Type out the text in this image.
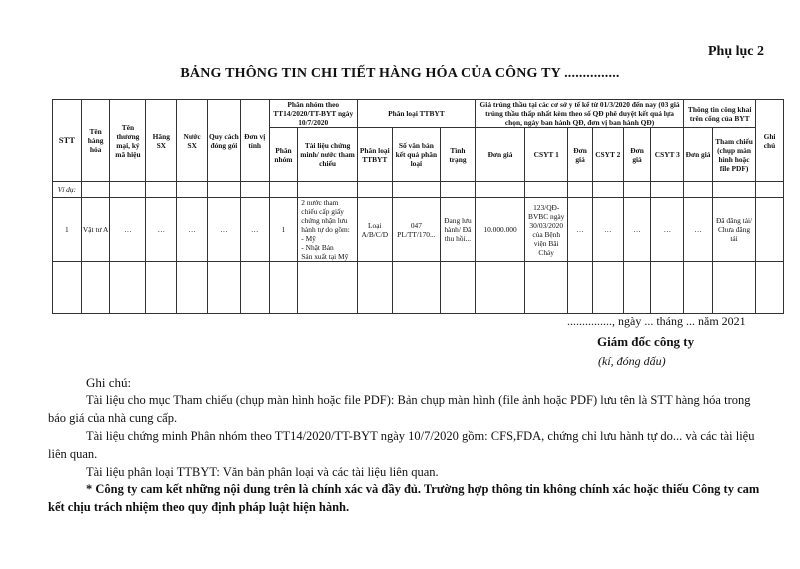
Phụ lục 2
BẢNG THÔNG TIN CHI TIẾT HÀNG HÓA CỦA CÔNG TY ...............
STT	Tên hàng hóa	Tên thương mại, ký mã hiệu	Hãng SX	Nước SX	Quy cách đóng gói	Đơn vị tính	Phân nhóm theo TT14/2020/TT-BYT ngày 10/7/2020		Phân loại TTBYT			Giá trúng thầu tại các cơ sở y tế kể từ 01/3/2020 đến nay (03 giá trúng thầu thấp nhất kèm theo số QĐ phê duyệt kết quả lựa chọn, ngày ban hành QĐ, đơn vị ban hành QĐ)						Thông tin công khai trên cổng của BYT		Ghi chú
							Phân nhóm	Tài liệu chứng minh/ nước tham chiếu	Phân loại TTBYT	Số văn bản kết quả phân loại	Tình trạng	Đơn giá	CSYT 1	Đơn giá	CSYT 2	Đơn giá	CSYT 3	Đơn giá	Tham chiếu (chụp màn hình hoặc file PDF)	
Ví dụ:																				
1	Vật tư A	…	…	…	…	…	1	2 nước tham chiếu cấp giấy chứng nhận lưu hành tự do gồm:
- Mỹ
- Nhật Bản
Sản xuất tại Mỹ	Loại A/B/C/D	047 PL/TT/170...	Đang lưu hành/ Đã thu hồi...	10.000.000	123/QĐ-BVBC ngày 30/03/2020 của Bệnh viện Bãi Cháy	…	…	…	…	…	Đã đăng tải/ Chưa đăng tải	

..............., ngày ... tháng ... năm 2021
Giám đốc công ty
(kí, đóng dấu)
Ghi chú:

Tài liệu cho mục Tham chiếu (chụp màn hình hoặc file PDF): Bản chụp màn hình (file ảnh hoặc PDF) lưu tên là STT hàng hóa trong báo giá của nhà cung cấp.

Tài liệu chứng minh Phân nhóm theo TT14/2020/TT-BYT ngày 10/7/2020 gồm: CFS,FDA, chứng chỉ lưu hành tự do... và các tài liệu liên quan.

Tài liệu phân loại TTBYT: Văn bản phân loại và các tài liệu liên quan.

* Công ty cam kết những nội dung trên là chính xác và đầy đủ. Trường hợp thông tin không chính xác hoặc thiếu Công ty cam kết chịu trách nhiệm theo quy định pháp luật hiện hành.
